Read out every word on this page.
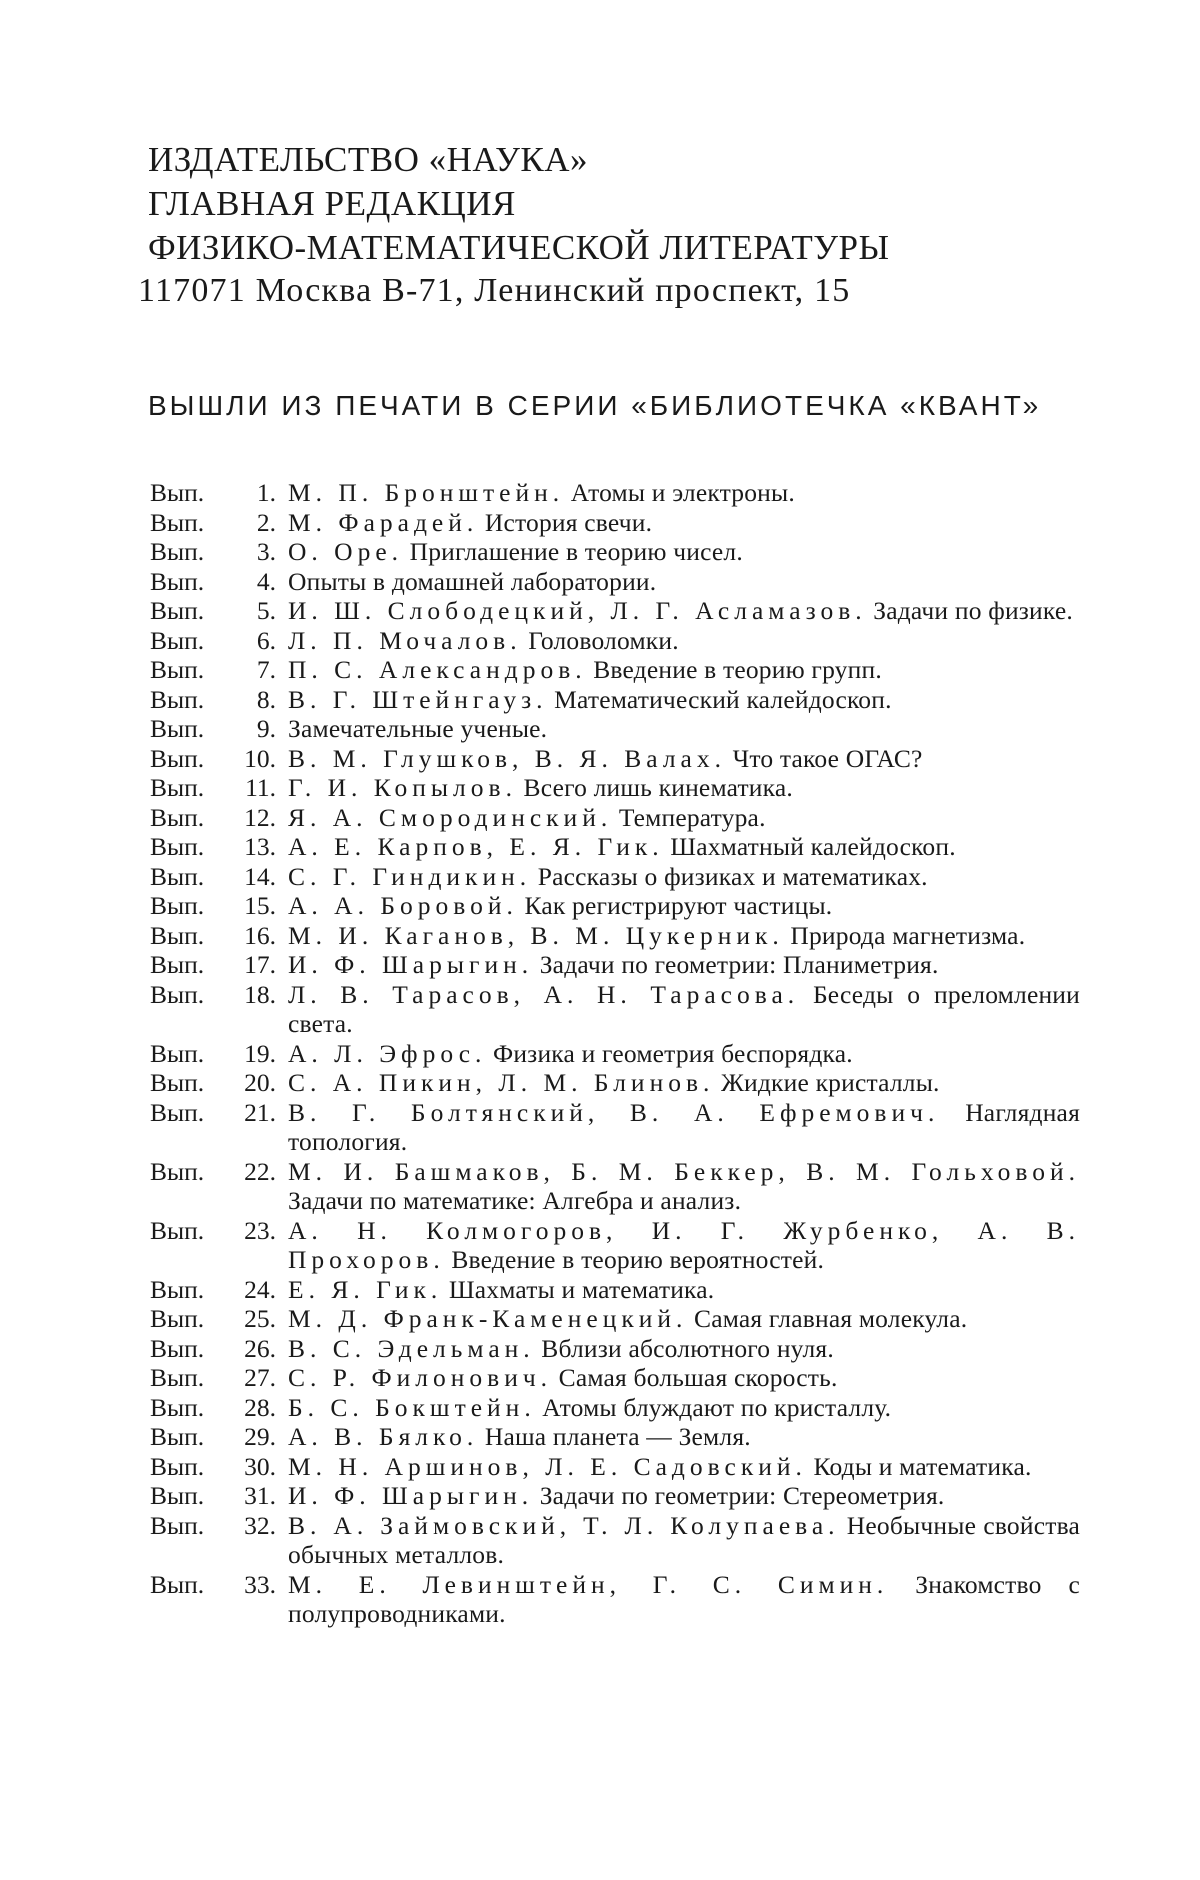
ИЗДАТЕЛЬСТВО «НАУКА»
ГЛАВНАЯ РЕДАКЦИЯ
ФИЗИКО-МАТЕМАТИЧЕСКОЙ ЛИТЕРАТУРЫ
117071 Москва В-71, Ленинский проспект, 15
ВЫШЛИ ИЗ ПЕЧАТИ В СЕРИИ «БИБЛИОТЕЧКА «КВАНТ»
Вып.	1. М. П. Бронштейн. Атомы и электроны.
Вып.	2. М. Фарадей. История свечи.
Вып.	3. О. Оре. Приглашение в теорию чисел.
Вып.	4. Опыты в домашней лаборатории.
Вып.	5. И. Ш. Слободецкий, Л. Г. Асламазов. Задачи по физике.
Вып.	6. Л. П. Мочалов. Головоломки.
Вып.	7. П. С. Александров. Введение в теорию групп.
Вып.	8. В. Г. Штейнгауз. Математический калейдоскоп.
Вып.	9. Замечательные ученые.
Вып.	10. В. М. Глушков, В. Я. Валах. Что такое ОГАС?
Вып.	11. Г. И. Копылов. Всего лишь кинематика.
Вып.	12. Я. А. Смородинский. Температура.
Вып.	13. А. Е. Карпов, Е. Я. Гик. Шахматный калейдоскоп.
Вып.	14. С. Г. Гиндикин. Рассказы о физиках и математиках.
Вып.	15. А. А. Боровой. Как регистрируют частицы.
Вып.	16. М. И. Каганов, В. М. Цукерник. Природа магнетизма.
Вып.	17. И. Ф. Шарыгин. Задачи по геометрии: Планиметрия.
Вып.	18. Л. В. Тарасов, А. Н. Тарасова. Беседы о преломлении света.
Вып.	19. А. Л. Эфрос. Физика и геометрия беспорядка.
Вып.	20. С. А. Пикин, Л. М. Блинов. Жидкие кристаллы.
Вып.	21. В. Г. Болтянский, В. А. Ефремович. Наглядная топология.
Вып.	22. М. И. Башмаков, Б. М. Беккер, В. М. Гольховой. Задачи по математике: Алгебра и анализ.
Вып.	23. А. Н. Колмогоров, И. Г. Журбенко, А. В. Прохоров. Введение в теорию вероятностей.
Вып.	24. Е. Я. Гик. Шахматы и математика.
Вып.	25. М. Д. Франк-Каменецкий. Самая главная молекула.
Вып.	26. В. С. Эдельман. Вблизи абсолютного нуля.
Вып.	27. С. Р. Филонович. Самая большая скорость.
Вып.	28. Б. С. Бокштейн. Атомы блуждают по кристаллу.
Вып.	29. А. В. Бялко. Наша планета — Земля.
Вып.	30. М. Н. Аршинов, Л. Е. Садовский. Коды и математика.
Вып.	31. И. Ф. Шарыгин. Задачи по геометрии: Стереометрия.
Вып.	32. В. А. Займовский, Т. Л. Колупаева. Необычные свойства обычных металлов.
Вып.	33. М. Е. Левинштейн, Г. С. Симин. Знакомство с полупроводниками.
